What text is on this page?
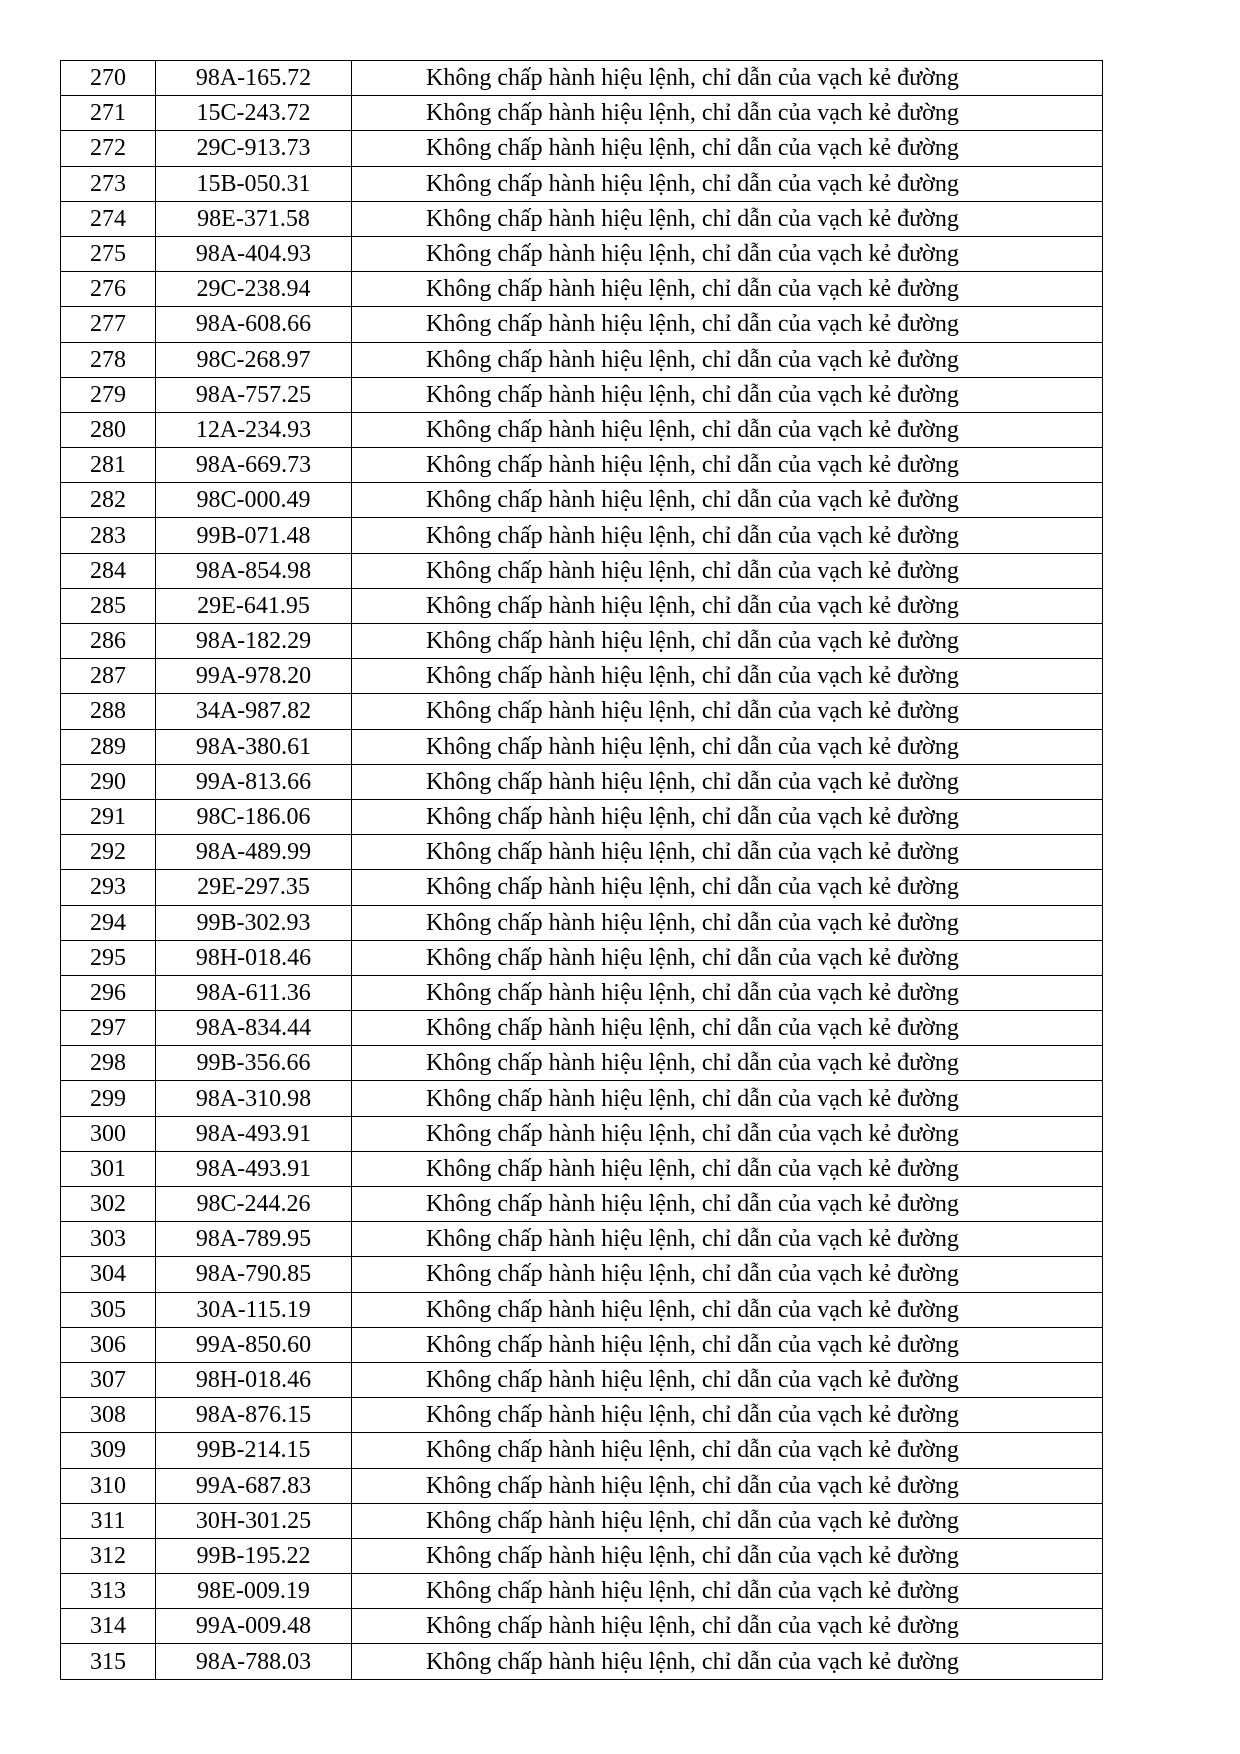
270	98A-165.72	Không chấp hành hiệu lệnh, chỉ dẫn của vạch kẻ đường
271	15C-243.72	Không chấp hành hiệu lệnh, chỉ dẫn của vạch kẻ đường
272	29C-913.73	Không chấp hành hiệu lệnh, chỉ dẫn của vạch kẻ đường
273	15B-050.31	Không chấp hành hiệu lệnh, chỉ dẫn của vạch kẻ đường
274	98E-371.58	Không chấp hành hiệu lệnh, chỉ dẫn của vạch kẻ đường
275	98A-404.93	Không chấp hành hiệu lệnh, chỉ dẫn của vạch kẻ đường
276	29C-238.94	Không chấp hành hiệu lệnh, chỉ dẫn của vạch kẻ đường
277	98A-608.66	Không chấp hành hiệu lệnh, chỉ dẫn của vạch kẻ đường
278	98C-268.97	Không chấp hành hiệu lệnh, chỉ dẫn của vạch kẻ đường
279	98A-757.25	Không chấp hành hiệu lệnh, chỉ dẫn của vạch kẻ đường
280	12A-234.93	Không chấp hành hiệu lệnh, chỉ dẫn của vạch kẻ đường
281	98A-669.73	Không chấp hành hiệu lệnh, chỉ dẫn của vạch kẻ đường
282	98C-000.49	Không chấp hành hiệu lệnh, chỉ dẫn của vạch kẻ đường
283	99B-071.48	Không chấp hành hiệu lệnh, chỉ dẫn của vạch kẻ đường
284	98A-854.98	Không chấp hành hiệu lệnh, chỉ dẫn của vạch kẻ đường
285	29E-641.95	Không chấp hành hiệu lệnh, chỉ dẫn của vạch kẻ đường
286	98A-182.29	Không chấp hành hiệu lệnh, chỉ dẫn của vạch kẻ đường
287	99A-978.20	Không chấp hành hiệu lệnh, chỉ dẫn của vạch kẻ đường
288	34A-987.82	Không chấp hành hiệu lệnh, chỉ dẫn của vạch kẻ đường
289	98A-380.61	Không chấp hành hiệu lệnh, chỉ dẫn của vạch kẻ đường
290	99A-813.66	Không chấp hành hiệu lệnh, chỉ dẫn của vạch kẻ đường
291	98C-186.06	Không chấp hành hiệu lệnh, chỉ dẫn của vạch kẻ đường
292	98A-489.99	Không chấp hành hiệu lệnh, chỉ dẫn của vạch kẻ đường
293	29E-297.35	Không chấp hành hiệu lệnh, chỉ dẫn của vạch kẻ đường
294	99B-302.93	Không chấp hành hiệu lệnh, chỉ dẫn của vạch kẻ đường
295	98H-018.46	Không chấp hành hiệu lệnh, chỉ dẫn của vạch kẻ đường
296	98A-611.36	Không chấp hành hiệu lệnh, chỉ dẫn của vạch kẻ đường
297	98A-834.44	Không chấp hành hiệu lệnh, chỉ dẫn của vạch kẻ đường
298	99B-356.66	Không chấp hành hiệu lệnh, chỉ dẫn của vạch kẻ đường
299	98A-310.98	Không chấp hành hiệu lệnh, chỉ dẫn của vạch kẻ đường
300	98A-493.91	Không chấp hành hiệu lệnh, chỉ dẫn của vạch kẻ đường
301	98A-493.91	Không chấp hành hiệu lệnh, chỉ dẫn của vạch kẻ đường
302	98C-244.26	Không chấp hành hiệu lệnh, chỉ dẫn của vạch kẻ đường
303	98A-789.95	Không chấp hành hiệu lệnh, chỉ dẫn của vạch kẻ đường
304	98A-790.85	Không chấp hành hiệu lệnh, chỉ dẫn của vạch kẻ đường
305	30A-115.19	Không chấp hành hiệu lệnh, chỉ dẫn của vạch kẻ đường
306	99A-850.60	Không chấp hành hiệu lệnh, chỉ dẫn của vạch kẻ đường
307	98H-018.46	Không chấp hành hiệu lệnh, chỉ dẫn của vạch kẻ đường
308	98A-876.15	Không chấp hành hiệu lệnh, chỉ dẫn của vạch kẻ đường
309	99B-214.15	Không chấp hành hiệu lệnh, chỉ dẫn của vạch kẻ đường
310	99A-687.83	Không chấp hành hiệu lệnh, chỉ dẫn của vạch kẻ đường
311	30H-301.25	Không chấp hành hiệu lệnh, chỉ dẫn của vạch kẻ đường
312	99B-195.22	Không chấp hành hiệu lệnh, chỉ dẫn của vạch kẻ đường
313	98E-009.19	Không chấp hành hiệu lệnh, chỉ dẫn của vạch kẻ đường
314	99A-009.48	Không chấp hành hiệu lệnh, chỉ dẫn của vạch kẻ đường
315	98A-788.03	Không chấp hành hiệu lệnh, chỉ dẫn của vạch kẻ đường
